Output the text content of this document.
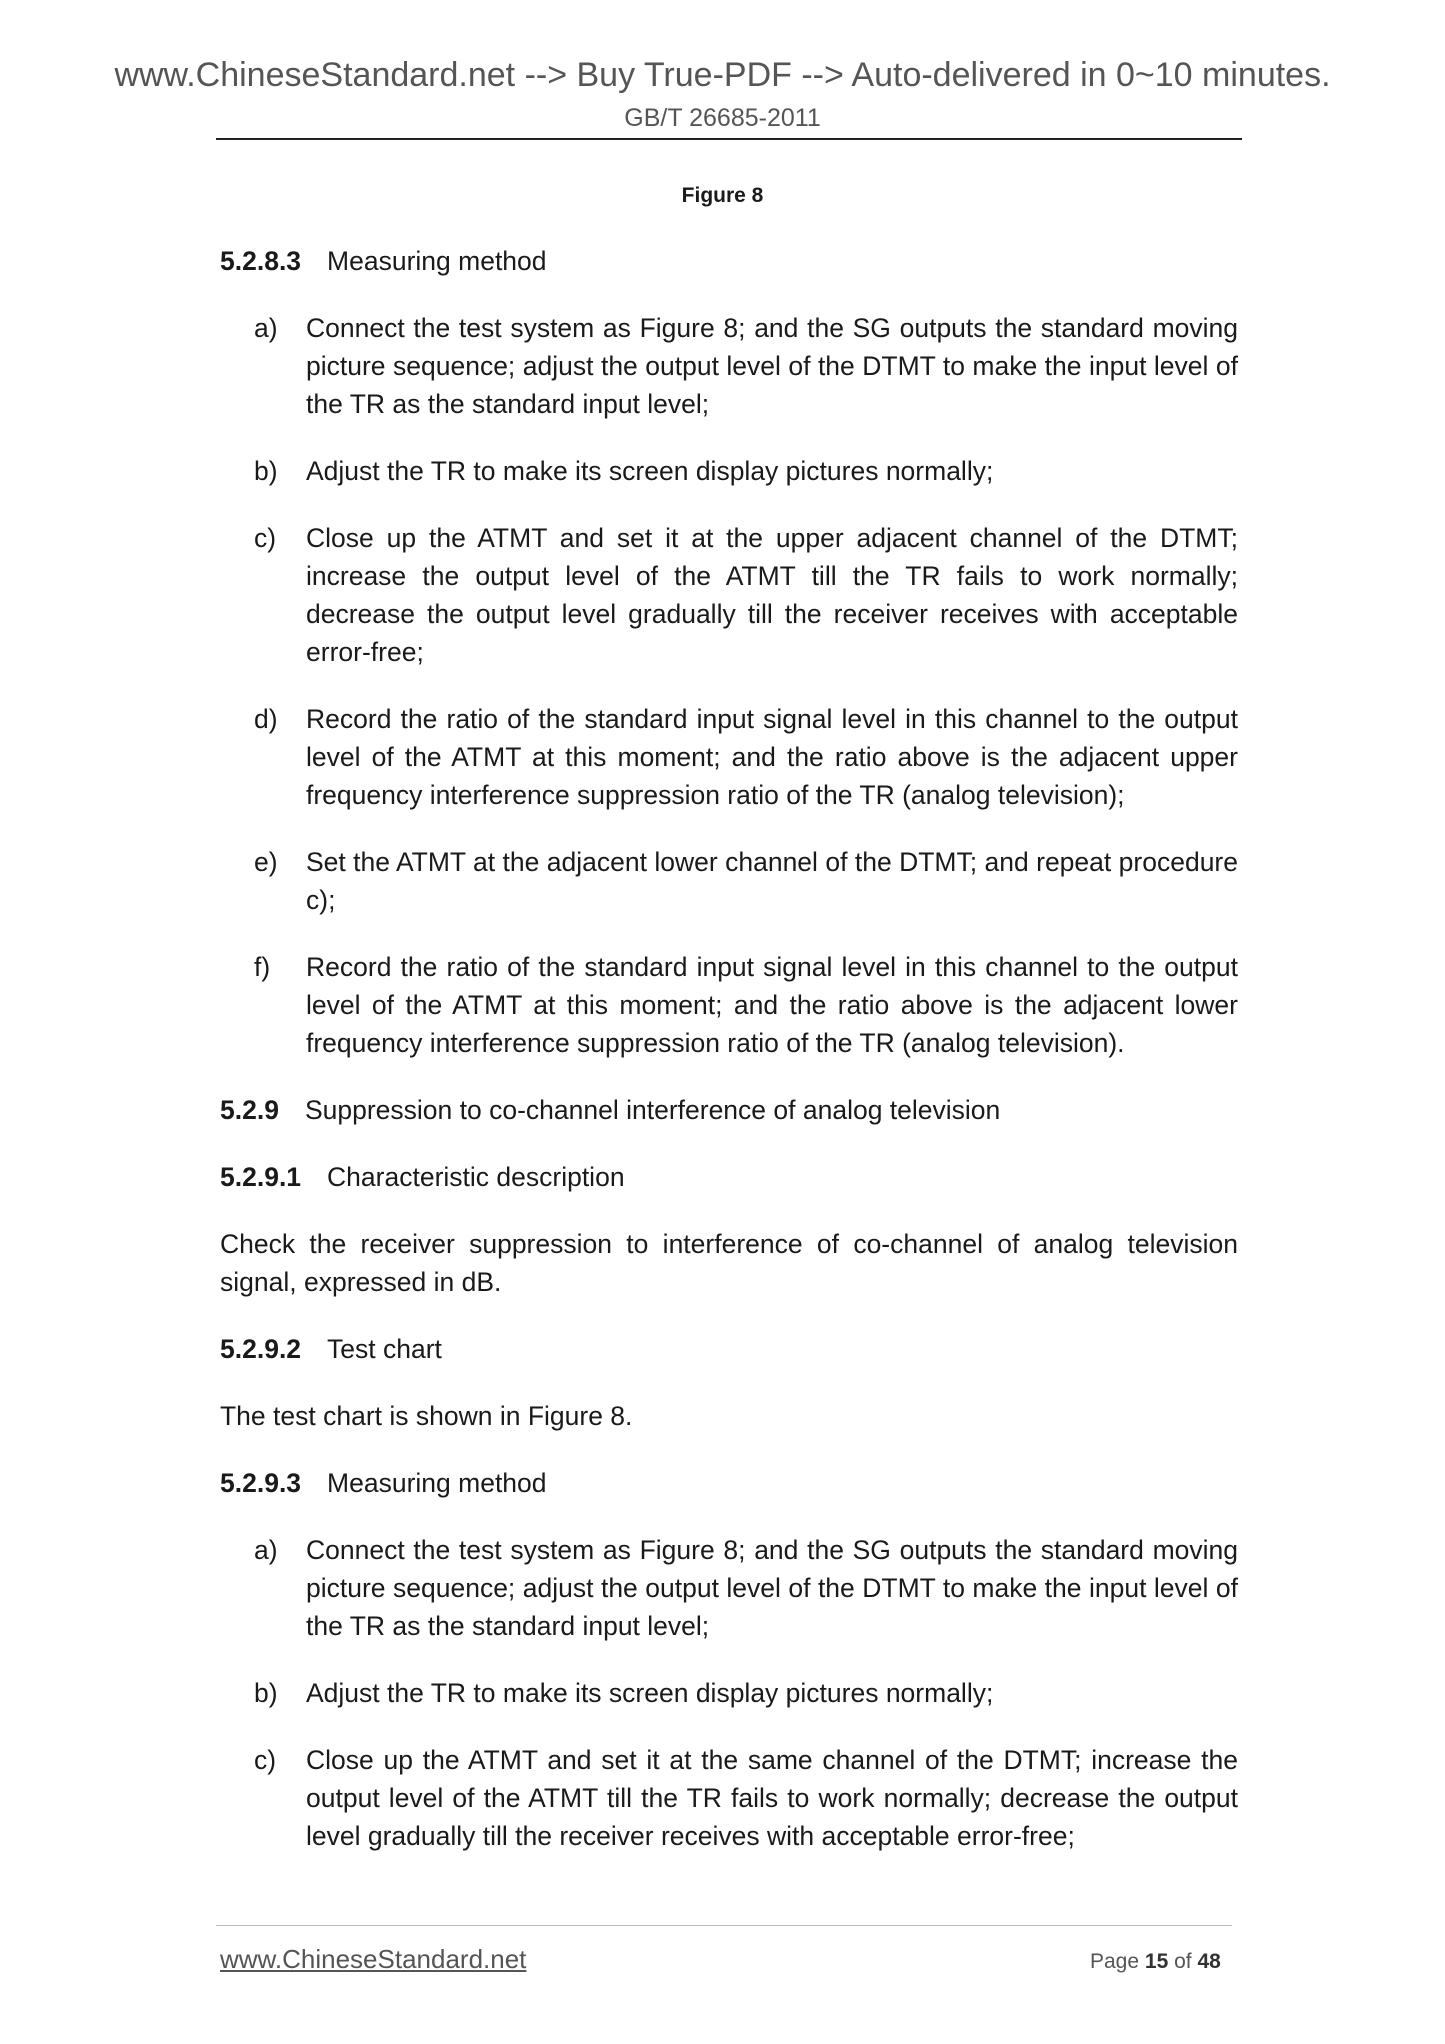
www.ChineseStandard.net --> Buy True-PDF --> Auto-delivered in 0~10 minutes.
GB/T 26685-2011
Figure 8
5.2.8.3 Measuring method
a) Connect the test system as Figure 8; and the SG outputs the standard moving picture sequence; adjust the output level of the DTMT to make the input level of the TR as the standard input level;
b) Adjust the TR to make its screen display pictures normally;
c) Close up the ATMT and set it at the upper adjacent channel of the DTMT; increase the output level of the ATMT till the TR fails to work normally; decrease the output level gradually till the receiver receives with acceptable error-free;
d) Record the ratio of the standard input signal level in this channel to the output level of the ATMT at this moment; and the ratio above is the adjacent upper frequency interference suppression ratio of the TR (analog television);
e) Set the ATMT at the adjacent lower channel of the DTMT; and repeat procedure c);
f) Record the ratio of the standard input signal level in this channel to the output level of the ATMT at this moment; and the ratio above is the adjacent lower frequency interference suppression ratio of the TR (analog television).
5.2.9 Suppression to co-channel interference of analog television
5.2.9.1 Characteristic description
Check the receiver suppression to interference of co-channel of analog television signal, expressed in dB.
5.2.9.2 Test chart
The test chart is shown in Figure 8.
5.2.9.3 Measuring method
a) Connect the test system as Figure 8; and the SG outputs the standard moving picture sequence; adjust the output level of the DTMT to make the input level of the TR as the standard input level;
b) Adjust the TR to make its screen display pictures normally;
c) Close up the ATMT and set it at the same channel of the DTMT; increase the output level of the ATMT till the TR fails to work normally; decrease the output level gradually till the receiver receives with acceptable error-free;
www.ChineseStandard.net	Page 15 of 48
